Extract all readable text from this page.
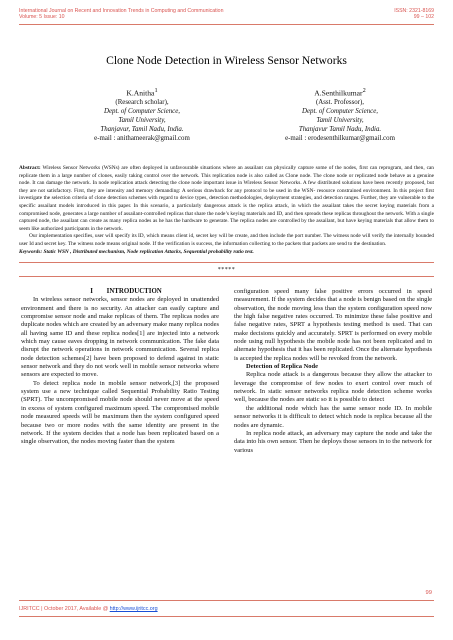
International Journal on Recent and Innovation Trends in Computing and Communication
Volume: 5 Issue: 10
ISSN: 2321-8169
99 – 102
Clone Node Detection in Wireless Sensor Networks
K.Anitha$^1$
(Research scholar),
Dept. of Computer Science,
Tamil University,
Thanjavur, Tamil Nadu, India.
e-mail : anithameerak@gmail.com
A.Senthilkumar$^2$
(Asst. Professor),
Dept. of Computer Science,
Tamil University,
Thanjavur Tamil Nadu, India.
e-mail : erodesenthilkumar@gmail.com

Abstract: Wireless Sensor Networks (WSNs) are often deployed in unfavourable situations where an assailant can physically capture some of the nodes, first can reprogram, and then, can replicate them in a large number of clones, easily taking control over the network. This replication node is also called as Clone node. The clone node or replicated node behave as a genuine node. It can damage the network. In node replication attack detecting the clone node important issue in Wireless Sensor Networks. A few distributed solutions have been recently proposed, but they are not satisfactory. First, they are intensity and memory demanding: A serious drawback for any protocol to be used in the WSN- resource constrained environment. In this project first investigate the selection criteria of clone detection schemes with regard to device types, detection methodologies, deployment strategies, and detection ranges. Further, they are vulnerable to the specific assailant models introduced in this paper. In this scenario, a particularly dangerous attack is the replica attack, in which the assailant takes the secret keying materials from a compromised node, generates a large number of assailant-controlled replicas that share the node’s keying materials and ID, and then spreads these replicas throughout the network. With a single captured node, the assailant can create as many replica nodes as he has the hardware to generate. The replica nodes are controlled by the assailant, but have keying materials that allow them to seem like authorized participants in the network.

Our implementation specifies, user will specify its ID, which means client id, secret key will be create, and then include the port number. The witness node will verify the internally bounded user Id and secret key. The witness node means original node. If the verification is success, the information collecting to the packets that packets are send to the destination.

Keywords: Static WSN , Distributed mechanism, Node replication Attacks, Sequential probability ratio test.

*****

I        INTRODUCTION

In wireless sensor networks, sensor nodes are deployed in unattended environment and there is no security. An attacker can easily capture and compromise sensor node and make replicas of them. The replicas nodes are duplicate nodes which are created by an adversary make many replica nodes all having same ID and these replica nodes[1] are injected into a network which may cause eaves dropping in network communication. The fake data disrupt the network operations in network communication. Several replica node detection schemes[2] have been proposed to defend against in static sensor network and they do not work well in mobile sensor networks where sensors are expected to move.

To detect replica node in mobile sensor network,[3] the proposed system use a new technique called Sequential Probability Ratio Testing (SPRT). The uncompromised mobile node should never move at the speed in excess of system configured maximum speed. The compromised mobile node measured speeds will be maximum then the system configured speed because two or more nodes with the same identity are present in the network. If the system decides that a node has been replicated based on a single observation, the nodes moving faster than the system

configuration speed many false positive errors occurred in speed measurement. If the system decides that a node is benign based on the single observation, the node moving less than the system configuration speed now the high false negative rates occurred. To minimize these false positive and false negative rates, SPRT a hypothesis testing method is used. That can make decisions quickly and accurately. SPRT is performed on every mobile node using null hypothesis the mobile node has not been replicated and in alternate hypothesis that it has been replicated. Once the alternate hypothesis is accepted the replica nodes will be revoked from the network.

Detection of Replica Node

Replica node attack is a dangerous because they allow the attacker to leverage the compromise of few nodes to exert control over much of network. In static sensor networks replica node detection scheme works well, because the nodes are static so it is possible to detect

the additional node which has the same sensor node ID. In mobile sensor networks it is difficult to detect which node is replica because all the nodes are dynamic.

In replica node attack, an adversary may capture the node and take the data into his own sensor. Then he deploys those sensors in to the network for various

99
IJRITCC | October 2017, Available @ http://www.ijritcc.org
